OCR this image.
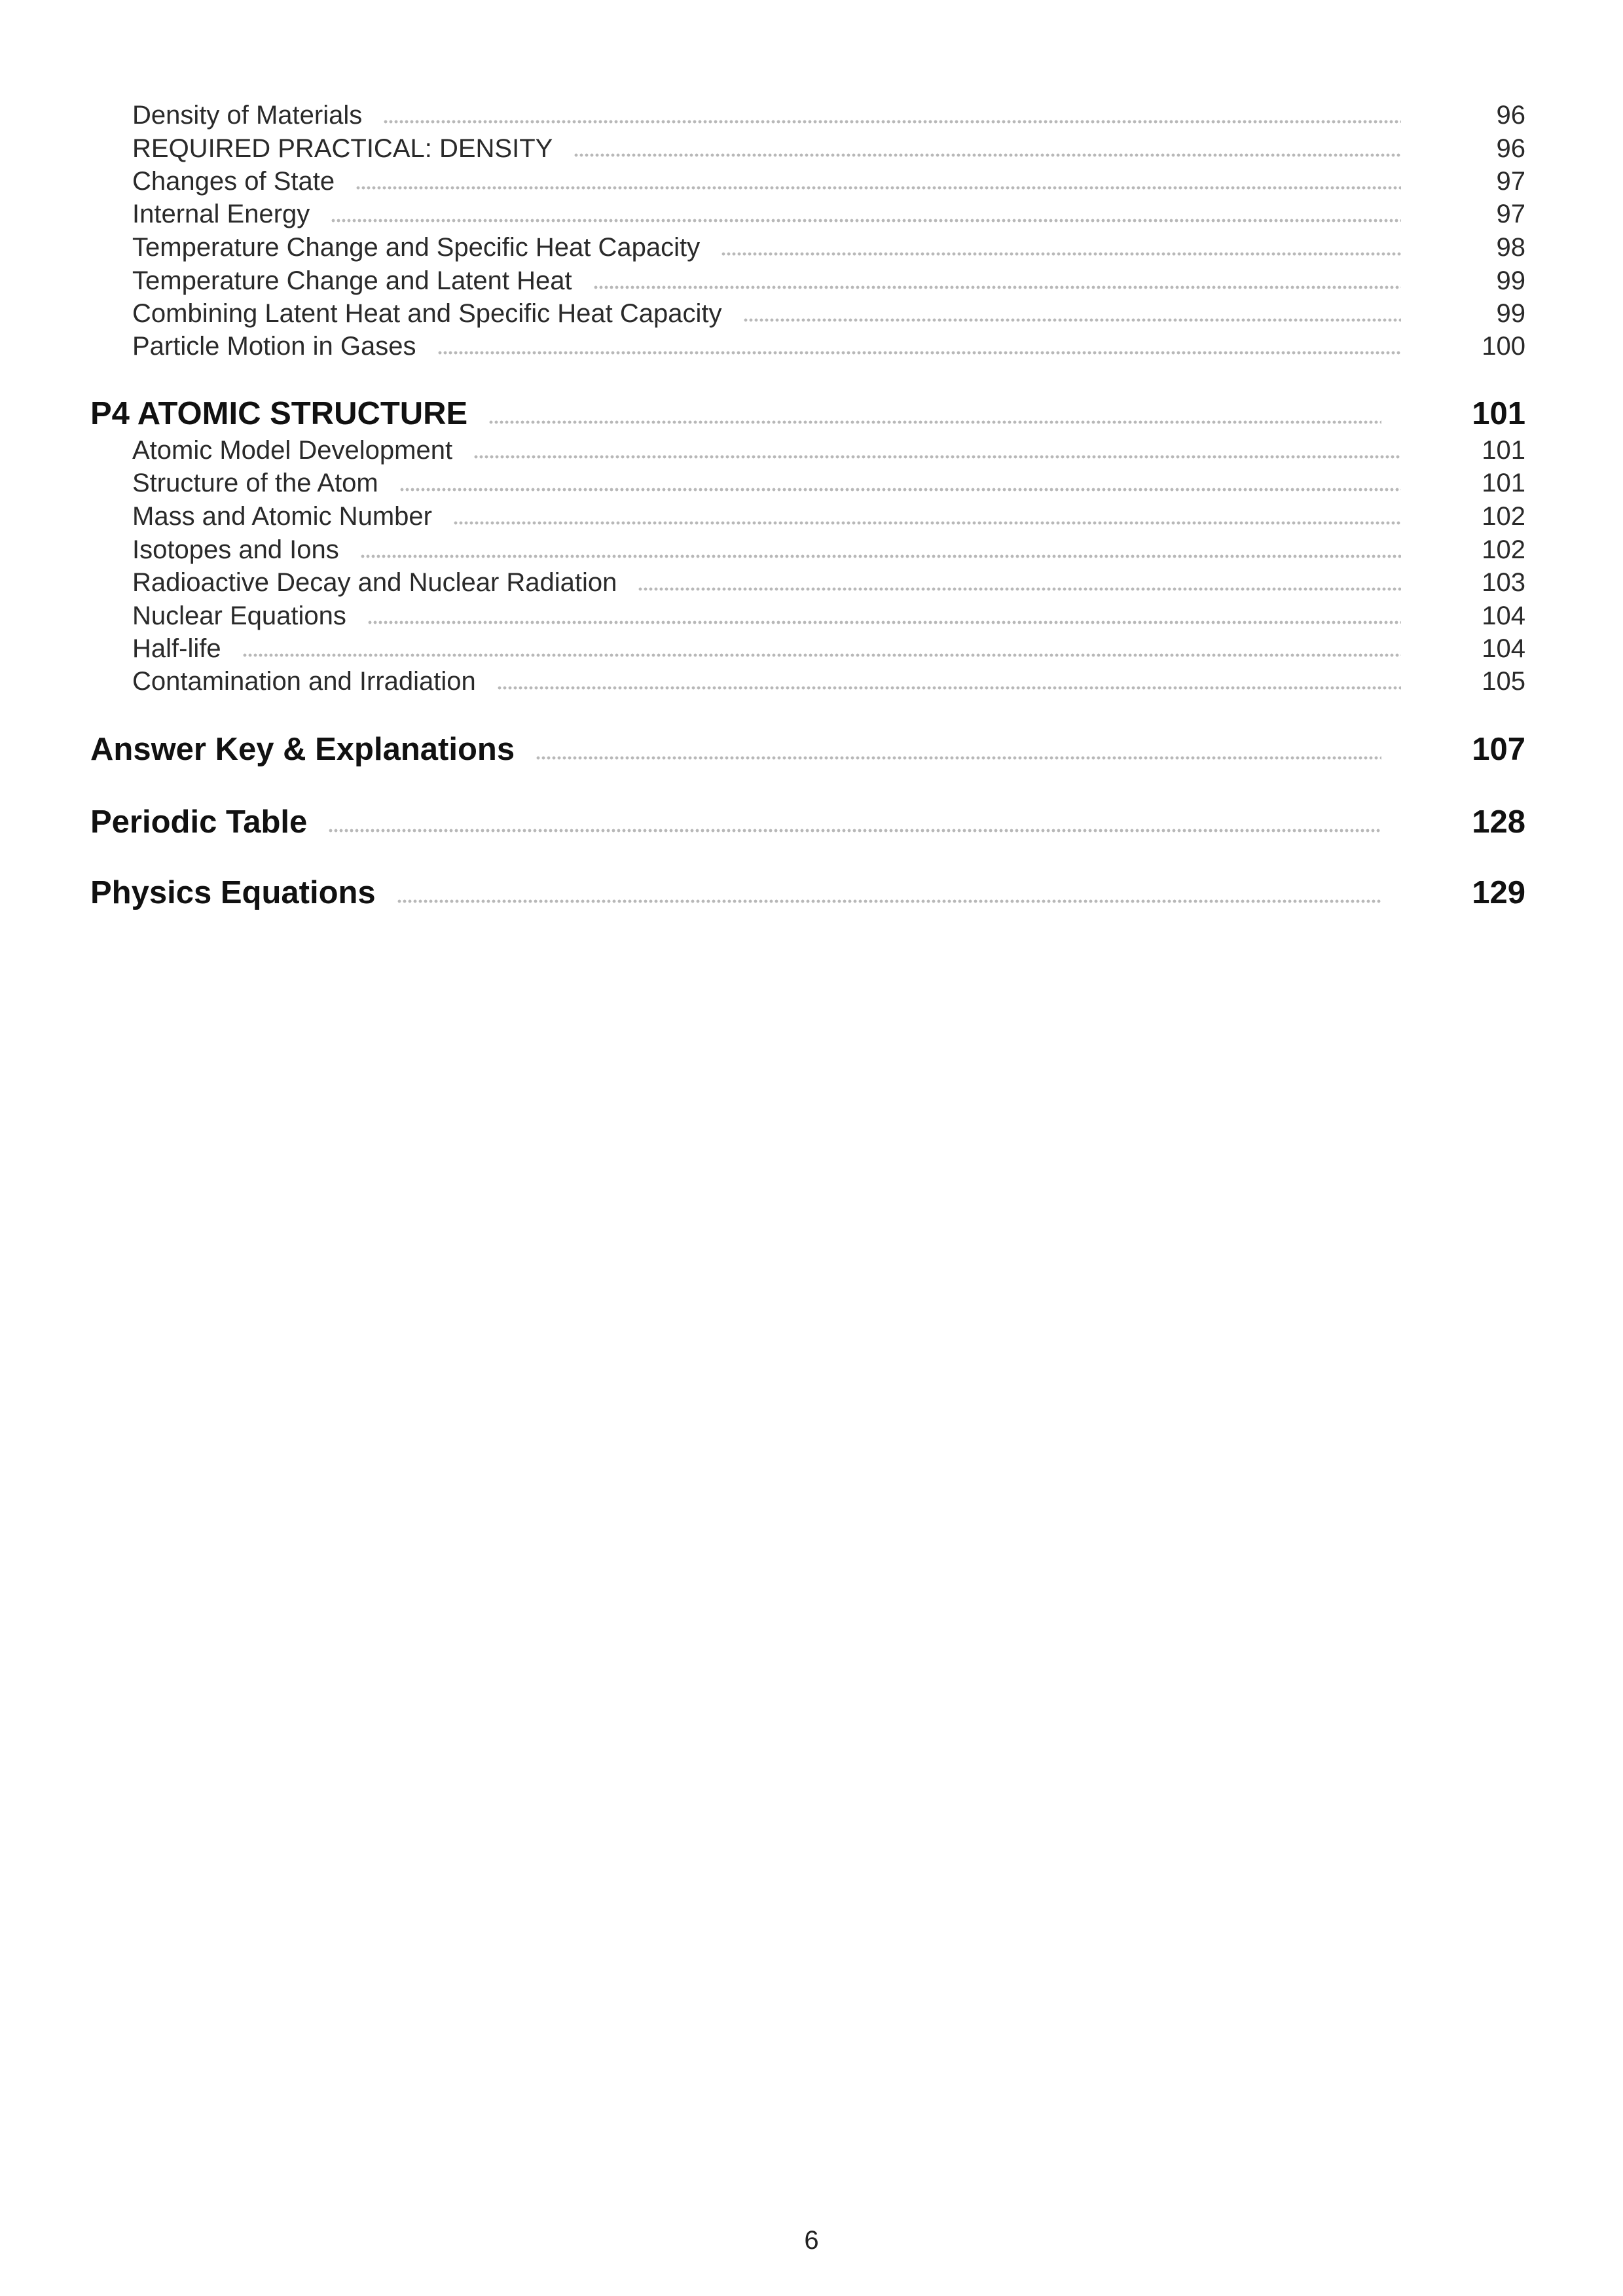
Density of Materials	96
REQUIRED PRACTICAL: DENSITY	96
Changes of State	97
Internal Energy	97
Temperature Change and Specific Heat Capacity	98
Temperature Change and Latent Heat	99
Combining Latent Heat and Specific Heat Capacity	99
Particle Motion in Gases	100
P4 ATOMIC STRUCTURE	101
Atomic Model Development	101
Structure of the Atom	101
Mass and Atomic Number	102
Isotopes and Ions	102
Radioactive Decay and Nuclear Radiation	103
Nuclear Equations	104
Half-life	104
Contamination and Irradiation	105
Answer Key & Explanations	107
Periodic Table	128
Physics Equations	129
6
